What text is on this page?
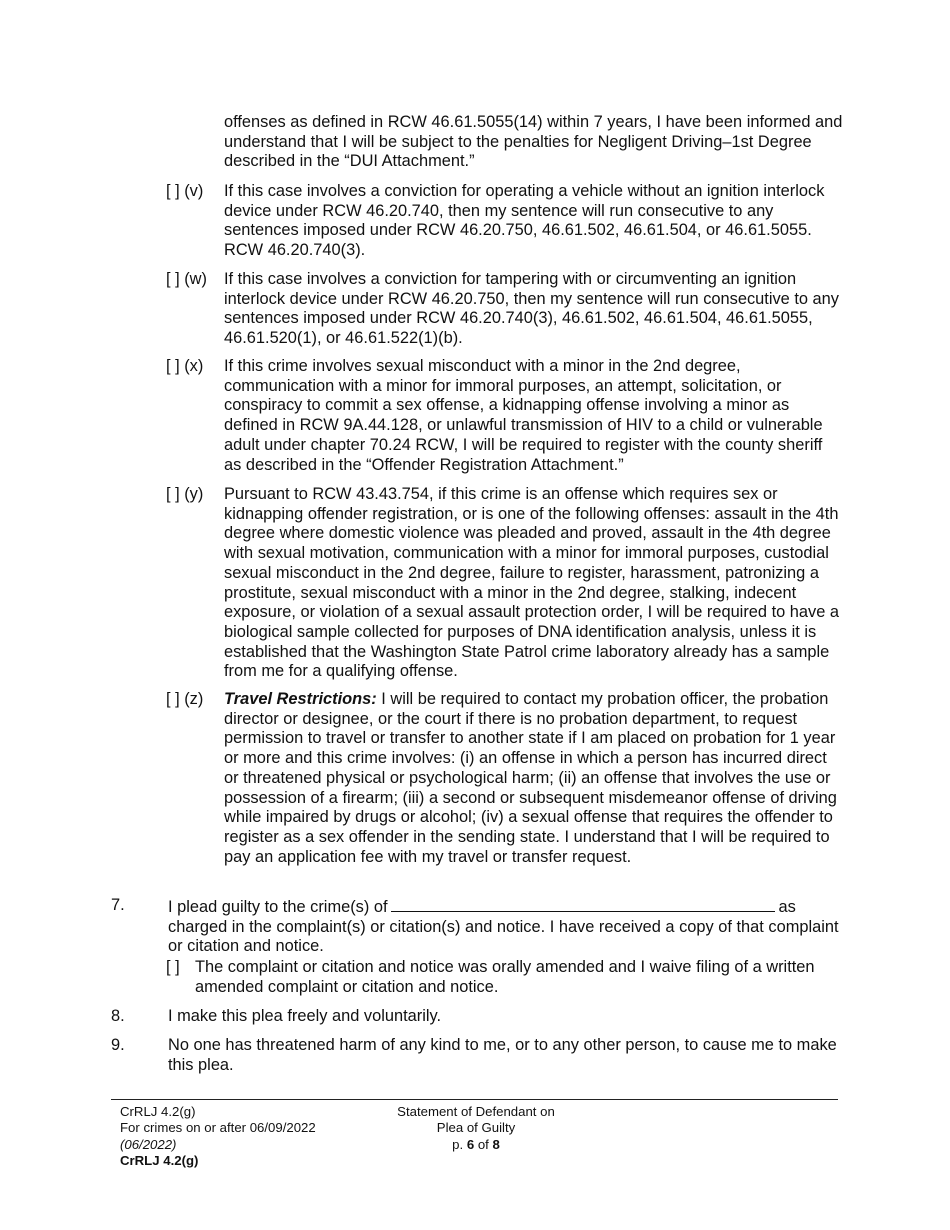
offenses as defined in RCW 46.61.5055(14) within 7 years, I have been informed and understand that I will be subject to the penalties for Negligent Driving–1st Degree described in the “DUI Attachment.”
[ ] (v) If this case involves a conviction for operating a vehicle without an ignition interlock device under RCW 46.20.740, then my sentence will run consecutive to any sentences imposed under RCW 46.20.750, 46.61.502, 46.61.504, or 46.61.5055. RCW 46.20.740(3).
[ ] (w) If this case involves a conviction for tampering with or circumventing an ignition interlock device under RCW 46.20.750, then my sentence will run consecutive to any sentences imposed under RCW 46.20.740(3), 46.61.502, 46.61.504, 46.61.5055, 46.61.520(1), or 46.61.522(1)(b).
[ ] (x) If this crime involves sexual misconduct with a minor in the 2nd degree, communication with a minor for immoral purposes, an attempt, solicitation, or conspiracy to commit a sex offense, a kidnapping offense involving a minor as defined in RCW 9A.44.128, or unlawful transmission of HIV to a child or vulnerable adult under chapter 70.24 RCW, I will be required to register with the county sheriff as described in the “Offender Registration Attachment.”
[ ] (y) Pursuant to RCW 43.43.754, if this crime is an offense which requires sex or kidnapping offender registration, or is one of the following offenses: assault in the 4th degree where domestic violence was pleaded and proved, assault in the 4th degree with sexual motivation, communication with a minor for immoral purposes, custodial sexual misconduct in the 2nd degree, failure to register, harassment, patronizing a prostitute, sexual misconduct with a minor in the 2nd degree, stalking, indecent exposure, or violation of a sexual assault protection order, I will be required to have a biological sample collected for purposes of DNA identification analysis, unless it is established that the Washington State Patrol crime laboratory already has a sample from me for a qualifying offense.
[ ] (z) Travel Restrictions: I will be required to contact my probation officer, the probation director or designee, or the court if there is no probation department, to request permission to travel or transfer to another state if I am placed on probation for 1 year or more and this crime involves: (i) an offense in which a person has incurred direct or threatened physical or psychological harm; (ii) an offense that involves the use or possession of a firearm; (iii) a second or subsequent misdemeanor offense of driving while impaired by drugs or alcohol; (iv) a sexual offense that requires the offender to register as a sex offender in the sending state. I understand that I will be required to pay an application fee with my travel or transfer request.
7.	I plead guilty to the crime(s) of	as charged in the complaint(s) or citation(s) and notice. I have received a copy of that complaint or citation and notice.
[ ] The complaint or citation and notice was orally amended and I waive filing of a written amended complaint or citation and notice.
8.	I make this plea freely and voluntarily.
9.	No one has threatened harm of any kind to me, or to any other person, to cause me to make this plea.
CrRLJ 4.2(g)
For crimes on or after 06/09/2022
(06/2022)
CrRLJ 4.2(g)
Statement of Defendant on
Plea of Guilty
p. 6 of 8
